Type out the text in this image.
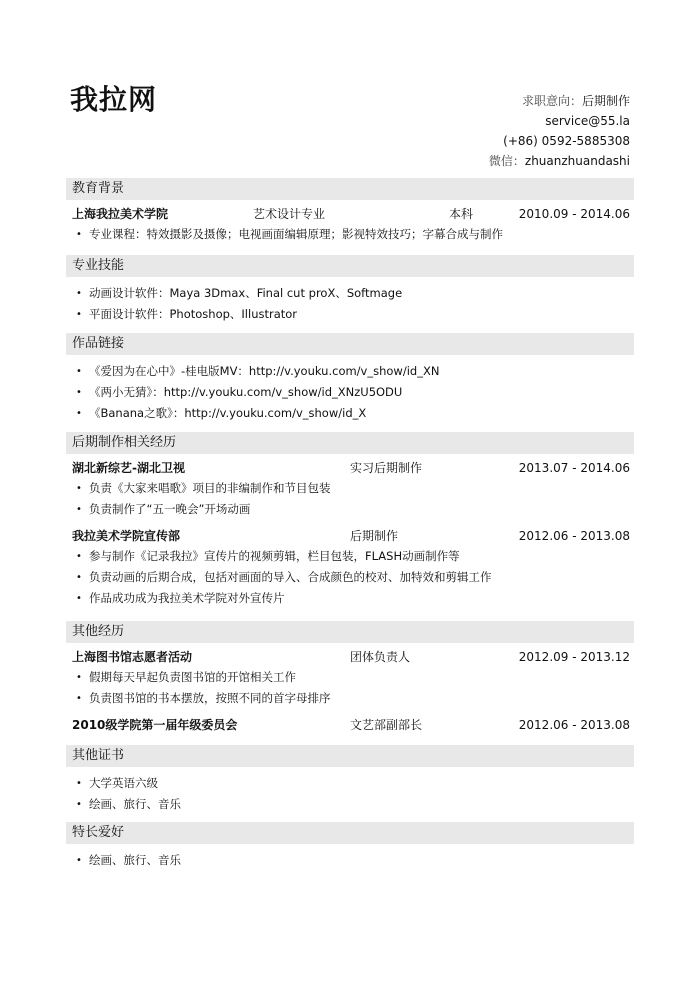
我拉网	求职意向：后期制作
service@55.la
(+86) 0592-5885308
微信：zhuanzhuandashi
教育背景
上海我拉美术学院	艺术设计专业	本科	2010.09 - 2014.06
• 专业课程：特效摄影及摄像；电视画面编辑原理；影视特效技巧；字幕合成与制作
专业技能
• 动画设计软件：Maya 3Dmax、Final cut proX、Softmage
• 平面设计软件：Photoshop、Illustrator
作品链接
• 《爱因为在心中》-桂电版MV：http://v.youku.com/v_show/id_XN
• 《两小无猜》：http://v.youku.com/v_show/id_XNzU5ODU
• 《Banana之歌》：http://v.youku.com/v_show/id_X
后期制作相关经历
湖北新综艺-湖北卫视	实习后期制作	2013.07 - 2014.06
• 负责《大家来唱歌》项目的非编制作和节目包装
• 负责制作了“五一晚会”开场动画
我拉美术学院宣传部	后期制作	2012.06 - 2013.08
• 参与制作《记录我拉》宣传片的视频剪辑，栏目包装，FLASH动画制作等
• 负责动画的后期合成，包括对画面的导入、合成颜色的校对、加特效和剪辑工作
• 作品成功成为我拉美术学院对外宣传片
其他经历
上海图书馆志愿者活动	团体负责人	2012.09 - 2013.12
• 假期每天早起负责图书馆的开馆相关工作
• 负责图书馆的书本摆放，按照不同的首字母排序
2010级学院第一届年级委员会	文艺部副部长	2012.06 - 2013.08
其他证书
• 大学英语六级
• 绘画、旅行、音乐
特长爱好
• 绘画、旅行、音乐
